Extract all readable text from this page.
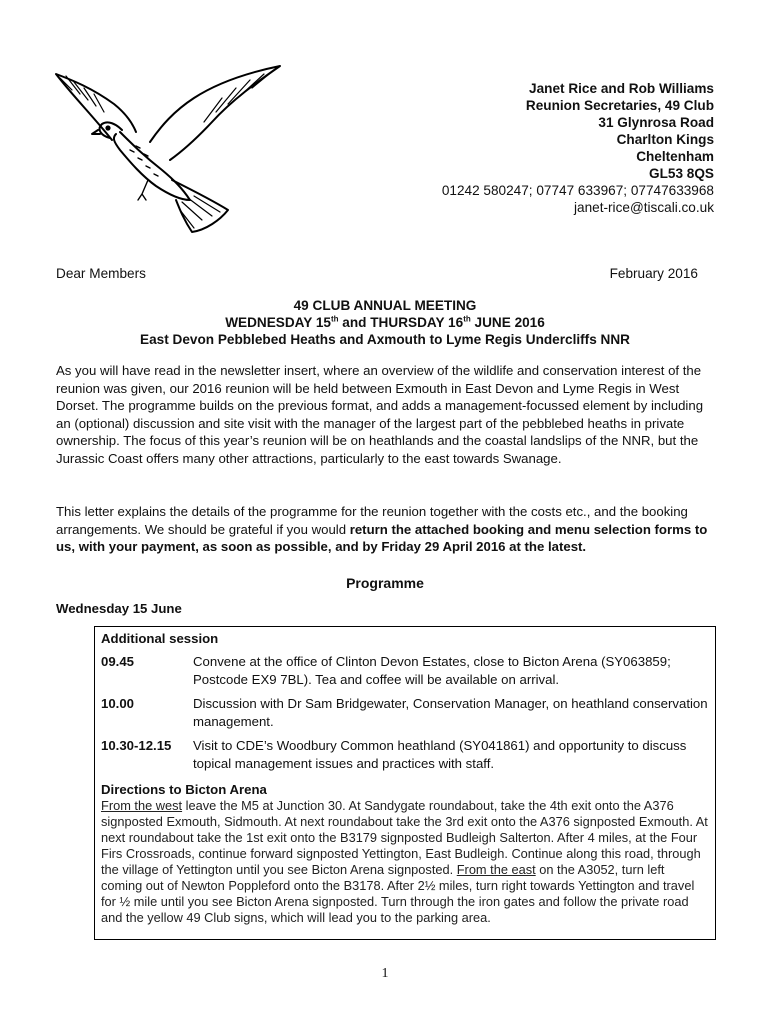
Janet Rice and Rob Williams
Reunion Secretaries, 49 Club
31 Glynrosa Road
Charlton Kings
Cheltenham
GL53 8QS
01242 580247; 07747 633967; 07747633968
janet-rice@tiscali.co.uk
Dear Members	February 2016
49 CLUB ANNUAL MEETING
WEDNESDAY 15th and THURSDAY 16th JUNE 2016
East Devon Pebblebed Heaths and Axmouth to Lyme Regis Undercliffs NNR
As you will have read in the newsletter insert, where an overview of the wildlife and conservation interest of the reunion was given, our 2016 reunion will be held between Exmouth in East Devon and Lyme Regis in West Dorset. The programme builds on the previous format, and adds a management-focussed element by including an (optional) discussion and site visit with the manager of the largest part of the pebblebed heaths in private ownership. The focus of this year’s reunion will be on heathlands and the coastal landslips of the NNR, but the Jurassic Coast offers many other attractions, particularly to the east towards Swanage.
This letter explains the details of the programme for the reunion together with the costs etc., and the booking arrangements. We should be grateful if you would return the attached booking and menu selection forms to us, with your payment, as soon as possible, and by Friday 29 April 2016 at the latest.
Programme
Wednesday 15 June
Additional session
09.45	Convene at the office of Clinton Devon Estates, close to Bicton Arena (SY063859; Postcode EX9 7BL). Tea and coffee will be available on arrival.
10.00	Discussion with Dr Sam Bridgewater, Conservation Manager, on heathland conservation management.
10.30-12.15	Visit to CDE’s Woodbury Common heathland (SY041861) and opportunity to discuss topical management issues and practices with staff.
Directions to Bicton Arena
From the west leave the M5 at Junction 30. At Sandygate roundabout, take the 4th exit onto the A376 signposted Exmouth, Sidmouth. At next roundabout take the 3rd exit onto the A376 signposted Exmouth. At next roundabout take the 1st exit onto the B3179 signposted Budleigh Salterton. After 4 miles, at the Four Firs Crossroads, continue forward signposted Yettington, East Budleigh. Continue along this road, through the village of Yettington until you see Bicton Arena signposted. From the east on the A3052, turn left coming out of Newton Poppleford onto the B3178. After 2½ miles, turn right towards Yettington and travel for ½ mile until you see Bicton Arena signposted. Turn through the iron gates and follow the private road and the yellow 49 Club signs, which will lead you to the parking area.
1
